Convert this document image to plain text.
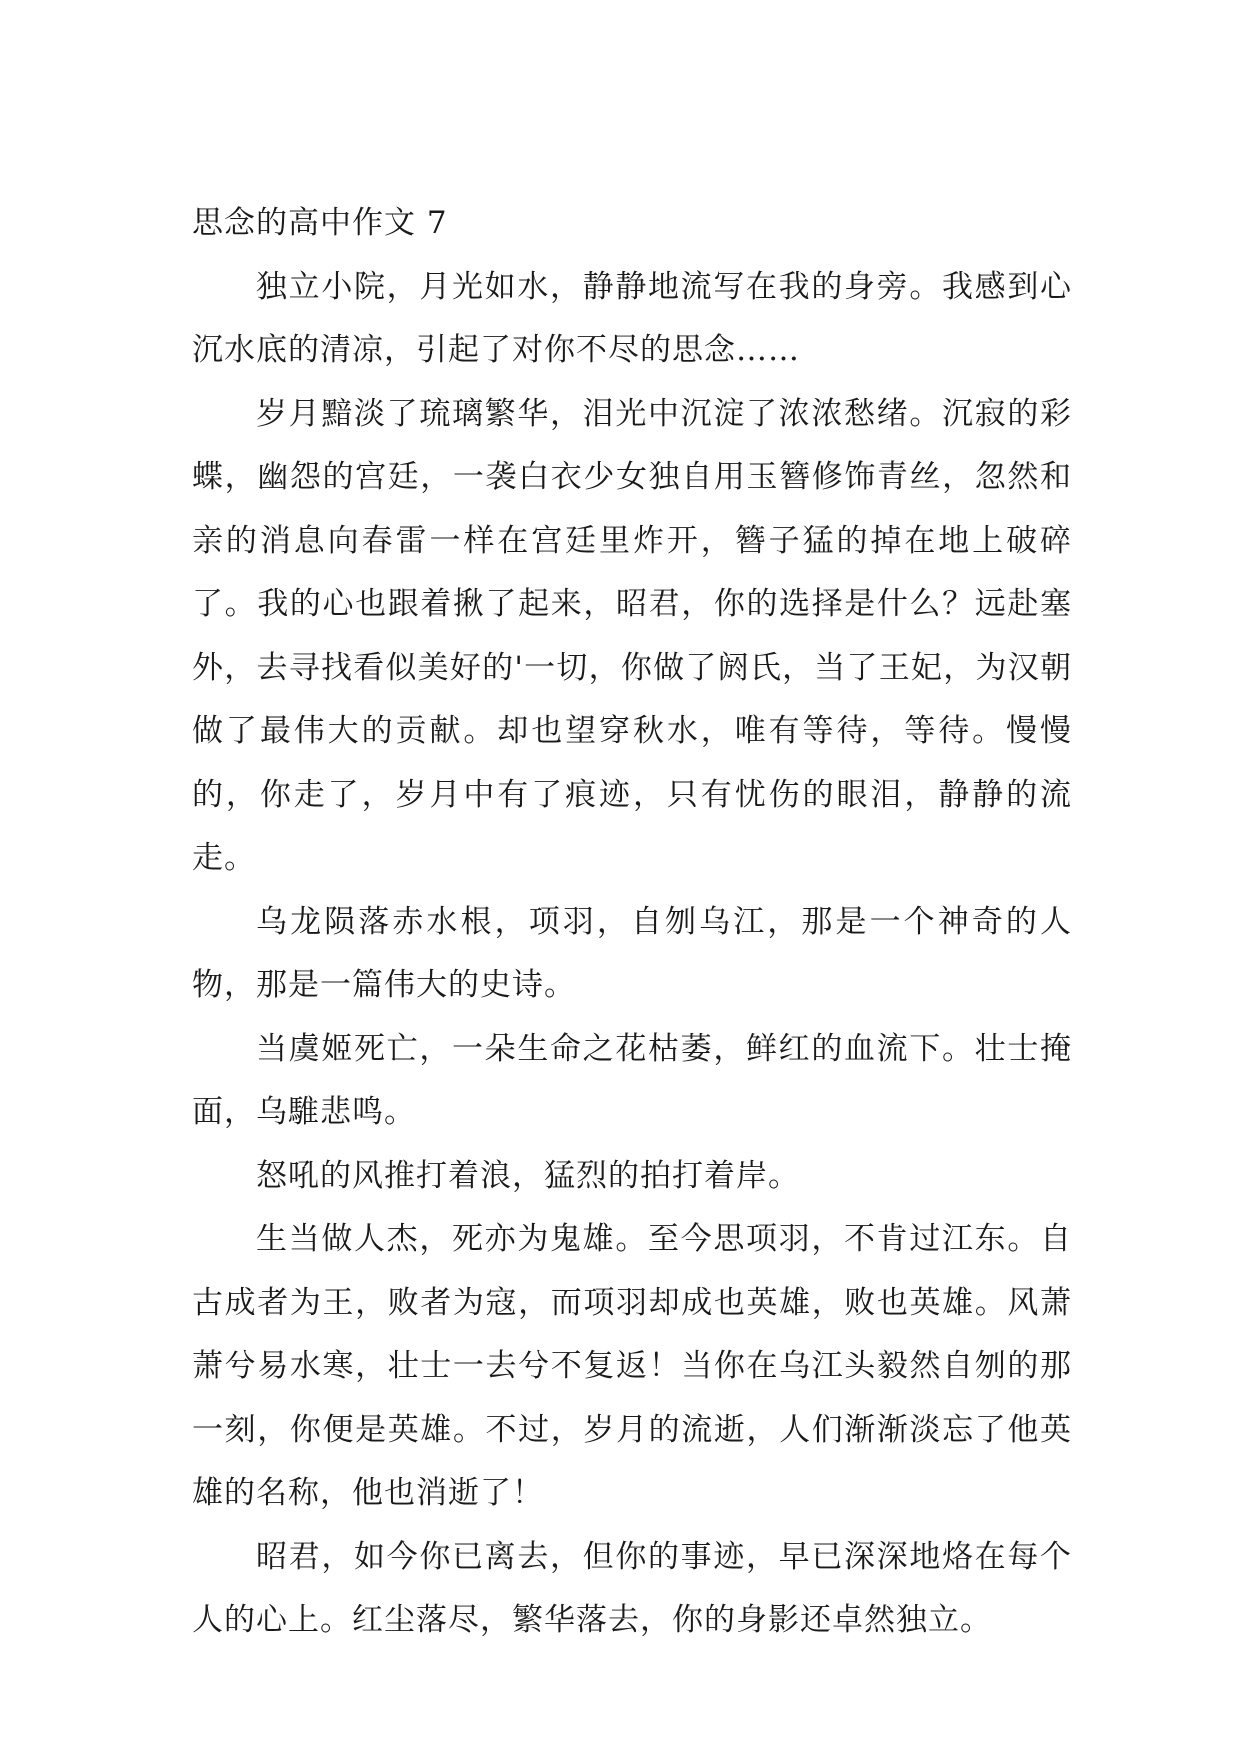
思念的高中作文 7

独立小院，月光如水，静静地流写在我的身旁。我感到心沉水底的清凉，引起了对你不尽的思念……

岁月黯淡了琉璃繁华，泪光中沉淀了浓浓愁绪。沉寂的彩蝶，幽怨的宫廷，一袭白衣少女独自用玉簪修饰青丝，忽然和亲的消息向春雷一样在宫廷里炸开，簪子猛的掉在地上破碎了。我的心也跟着揪了起来，昭君，你的选择是什么？远赴塞外，去寻找看似美好的'一切，你做了阏氏，当了王妃，为汉朝做了最伟大的贡献。却也望穿秋水，唯有等待，等待。慢慢的，你走了，岁月中有了痕迹，只有忧伤的眼泪，静静的流走。

乌龙陨落赤水根，项羽，自刎乌江，那是一个神奇的人物，那是一篇伟大的史诗。

当虞姬死亡，一朵生命之花枯萎，鲜红的血流下。壮士掩面，乌騅悲鸣。

怒吼的风推打着浪，猛烈的拍打着岸。

生当做人杰，死亦为鬼雄。至今思项羽，不肯过江东。自古成者为王，败者为寇，而项羽却成也英雄，败也英雄。风萧萧兮易水寒，壮士一去兮不复返！当你在乌江头毅然自刎的那一刻，你便是英雄。不过，岁月的流逝，人们渐渐淡忘了他英雄的名称，他也消逝了！

昭君，如今你已离去，但你的事迹，早已深深地烙在每个人的心上。红尘落尽，繁华落去，你的身影还卓然独立。
